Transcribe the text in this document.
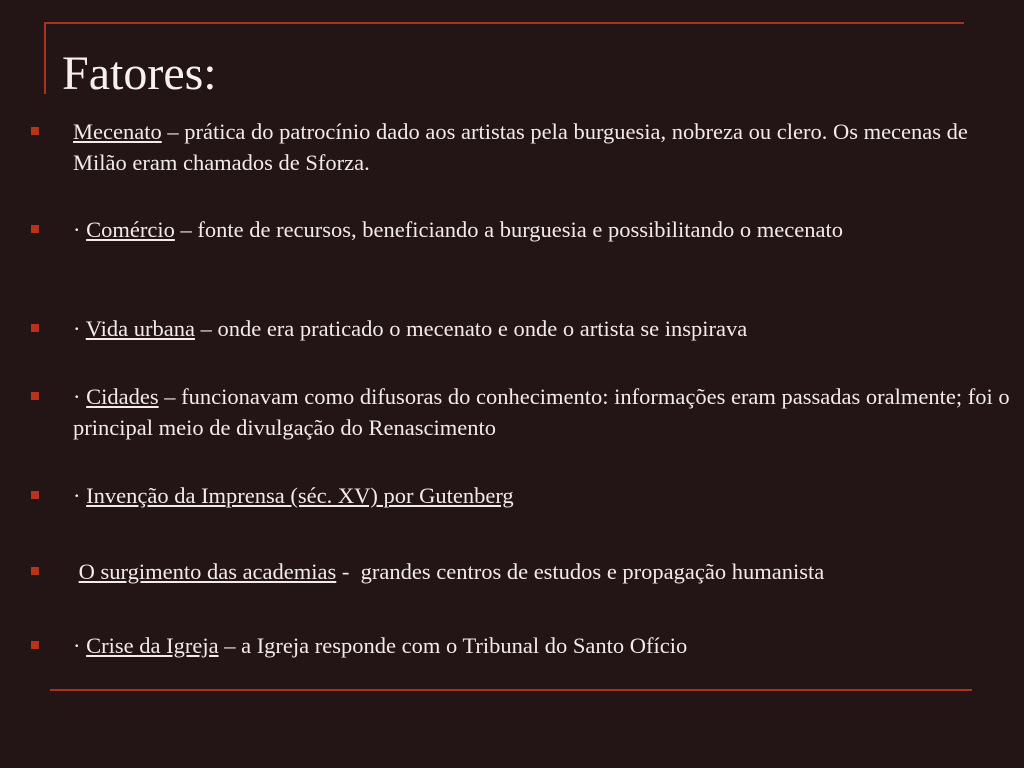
Fatores:
Mecenato – prática do patrocínio dado aos artistas pela burguesia, nobreza ou clero. Os mecenas de Milão eram chamados de Sforza.
· Comércio – fonte de recursos, beneficiando a burguesia e possibilitando o mecenato
· Vida urbana – onde era praticado o mecenato e onde o artista se inspirava
· Cidades – funcionavam como difusoras do conhecimento: informações eram passadas oralmente; foi o principal meio de divulgação do Renascimento
· Invenção da Imprensa (séc. XV) por Gutenberg
O surgimento das academias -  grandes centros de estudos e propagação humanista
· Crise da Igreja – a Igreja responde com o Tribunal do Santo Ofício
